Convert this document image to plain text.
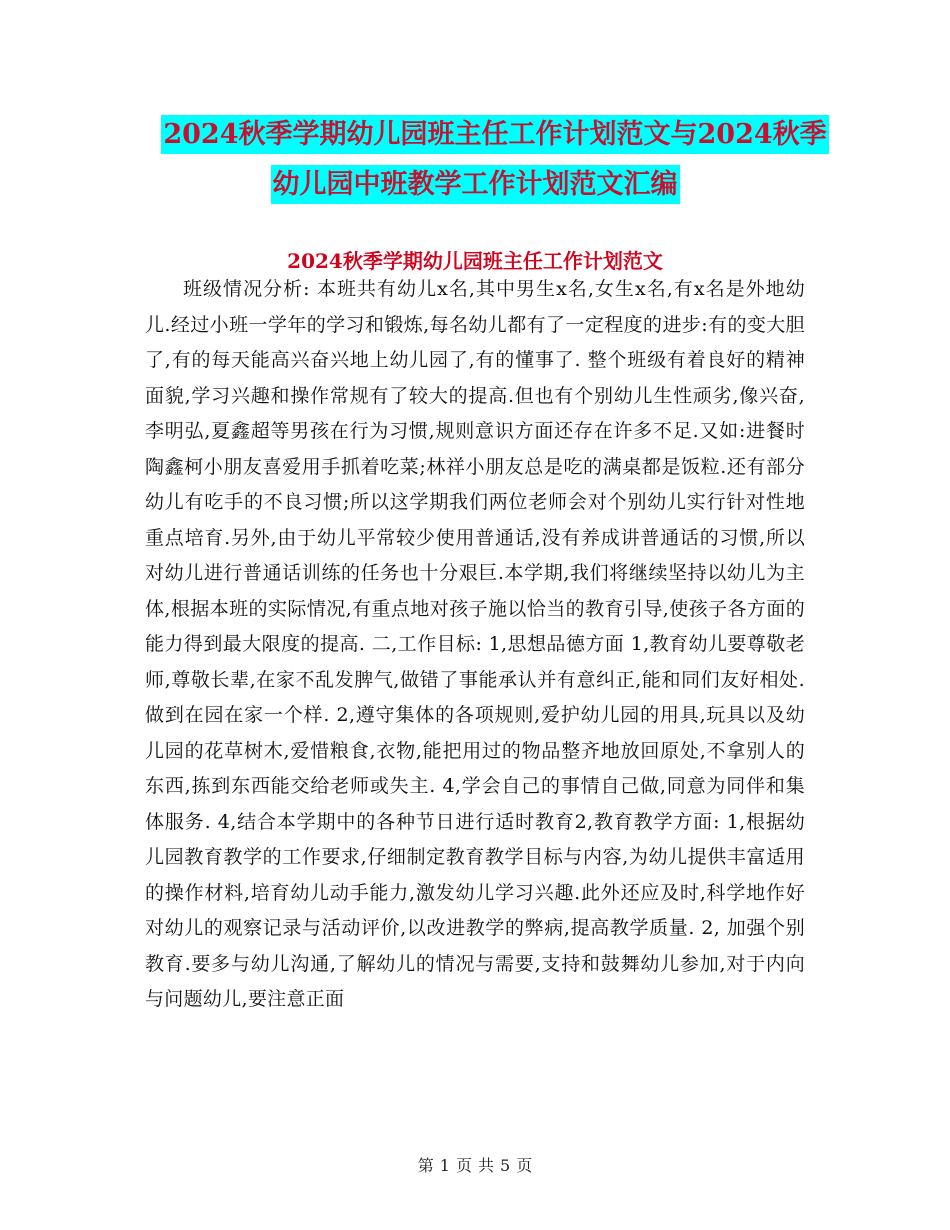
2024秋季学期幼儿园班主任工作计划范文与2024秋季
幼儿园中班教学工作计划范文汇编
2024秋季学期幼儿园班主任工作计划范文

班级情况分析: 本班共有幼儿x名,其中男生x名,女生x名,有x名是外地幼儿.经过小班一学年的学习和锻炼,每名幼儿都有了一定程度的进步:有的变大胆了,有的每天能高兴奋兴地上幼儿园了,有的懂事了. 整个班级有着良好的精神面貌,学习兴趣和操作常规有了较大的提高.但也有个别幼儿生性顽劣,像兴奋,李明弘,夏鑫超等男孩在行为习惯,规则意识方面还存在许多不足.又如:进餐时陶鑫柯小朋友喜爱用手抓着吃菜;林祥小朋友总是吃的满桌都是饭粒.还有部分幼儿有吃手的不良习惯;所以这学期我们两位老师会对个别幼儿实行针对性地重点培育.另外,由于幼儿平常较少使用普通话,没有养成讲普通话的习惯,所以对幼儿进行普通话训练的任务也十分艰巨.本学期,我们将继续坚持以幼儿为主体,根据本班的实际情况,有重点地对孩子施以恰当的教育引导,使孩子各方面的能力得到最大限度的提高. 二,工作目标: 1,思想品德方面 1,教育幼儿要尊敬老师,尊敬长辈,在家不乱发脾气,做错了事能承认并有意纠正,能和同们友好相处.做到在园在家一个样. 2,遵守集体的各项规则,爱护幼儿园的用具,玩具以及幼儿园的花草树木,爱惜粮食,衣物,能把用过的物品整齐地放回原处,不拿别人的东西,拣到东西能交给老师或失主. 4,学会自己的事情自己做,同意为同伴和集体服务. 4,结合本学期中的各种节日进行适时教育2,教育教学方面: 1,根据幼儿园教育教学的工作要求,仔细制定教育教学目标与内容,为幼儿提供丰富适用的操作材料,培育幼儿动手能力,激发幼儿学习兴趣.此外还应及时,科学地作好对幼儿的观察记录与活动评价,以改进教学的弊病,提高教学质量. 2, 加强个别教育.要多与幼儿沟通,了解幼儿的情况与需要,支持和鼓舞幼儿参加,对于内向与问题幼儿,要注意正面

第 1 页 共 5 页
